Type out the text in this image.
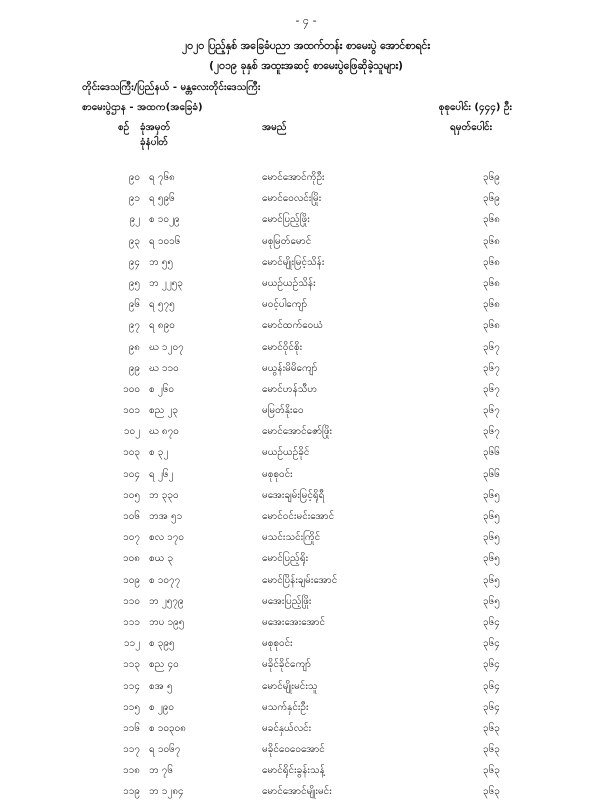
- ၄ -
၂၀၂၀ ပြည့်နှစ် အခြေခံပညာ အထက်တန်း စာမေးပွဲ အောင်စာရင်း
(၂၀၁၉ ခုနှစ် အထူးအဆင့် စာမေးပွဲဖြေဆိုခဲ့သူများ)
တိုင်းဒေသကြီး/ပြည်နယ် - မန္တလေးတိုင်းဒေသကြီး
စာမေးပွဲဌာန - အထက(အခြေခံ)	စုစုပေါင်း (၄၄၄) ဦး
စဉ် ခုံအမှတ်
ခုံနံပါတ်
အမည်	ရမှတ်ပေါင်း
၉၀ ရ ၇၆၈	မောင်အောင်ကိုဦး	၃၆၉
၉၁ ရ ၅၉၆	မောင်ဝေလင်းမြိုး	၃၆၉
၉၂ စ ၁၀၂၉	မောင်ပြည့်ဖြိုး	၃၆၈
၉၃ ရ ၁၀၁၆	မစုမြတ်မောင်	၃၆၈
၉၄ ဘ ၅၅	မောင်မျိုးမြင့်သိန်း	၃၆၈
၉၅ ဘ ၂၂၅၃	မယဉ်ယဉ်သိန်း	၃၆၈
၉၆ ရ ၅၇၅	မဝင့်ပါကျော်	၃၆၈
၉၇ ရ ၈၉၀	မောင်ထက်ဝေယံ	၃၆၈
၉၈ ဃ ၁၂၀၇	မောင်ဝိုင်စိုး	၃၆၇
၉၉ ဃ ၁၁၀	မယွန်းမိမိကျော်	၃၆၇
၁၀၀ စ ၂၆၀	မောင်ဟန်သီဟ	၃၆၇
၁၀၁ စည ၂၃	မမြတ်နိုးဝေ	၃၆၇
၁၀၂ ဃ ၈၇၀	မောင်အောင်ဇော်ဖြိုး	၃၆၇
၁၀၃ စ ၃၂	မယဉ်ယဉ်ခိုင်	၃၆၆
၁၀၄ ရ ၂၆၂	မစုစုဝင်း	၃၆၆
၁၀၅ ဘ ၃၃၀	မအေးချမ်းမြင့်ရိုရီ	၃၆၅
၁၀၆ ဘအ ၅၁	မောင်ဝင်းမင်းအောင်	၃၆၅
၁၀၇ စလ ၁၇၀	မသင်းသင်းကြိုင်	၃၆၅
၁၀၈ စယ ၃	မောင်ပြည့်ရိုး	၃၆၅
၁၀၉ စ ၁၀၇၇	မောင်ပြိန်းချမ်းအောင်	၃၆၅
၁၁၀ ဘ ၂၅၇၉	မအေးပြည့်ဖြိုး	၃၆၅
၁၁၁ ဘပ ၁၉၅	မအေးအေးအောင်	၃၆၄
၁၁၂ စ ၃၉၅	မစုစုဝင်း	၃၆၄
၁၁၃ စည ၄၀	မခိုင်ခိုင်ကျော်	၃၆၄
၁၁၄ စအ ၅	မောင်မျိုးမင်းသူ	၃၆၄
၁၁၅ စ ၂၉၀	မသက်နှင်းဦး	၃၆၄
၁၁၆ စ ၁၀၃၀၈	မခင်နှယ်လင်း	၃၆၃
၁၁၇ ရ ၁၀၆၇	မခိုင်ဝေဝေအောင်	၃၆၃
၁၁၈ ဘ ၇၆	မောင်ရိုင်းခွန်းသန့်	၃၆၃
၁၁၉ ဘ ၁၂၈၄	မောင်အောင်မျိုးမင်း	၃၆၃
